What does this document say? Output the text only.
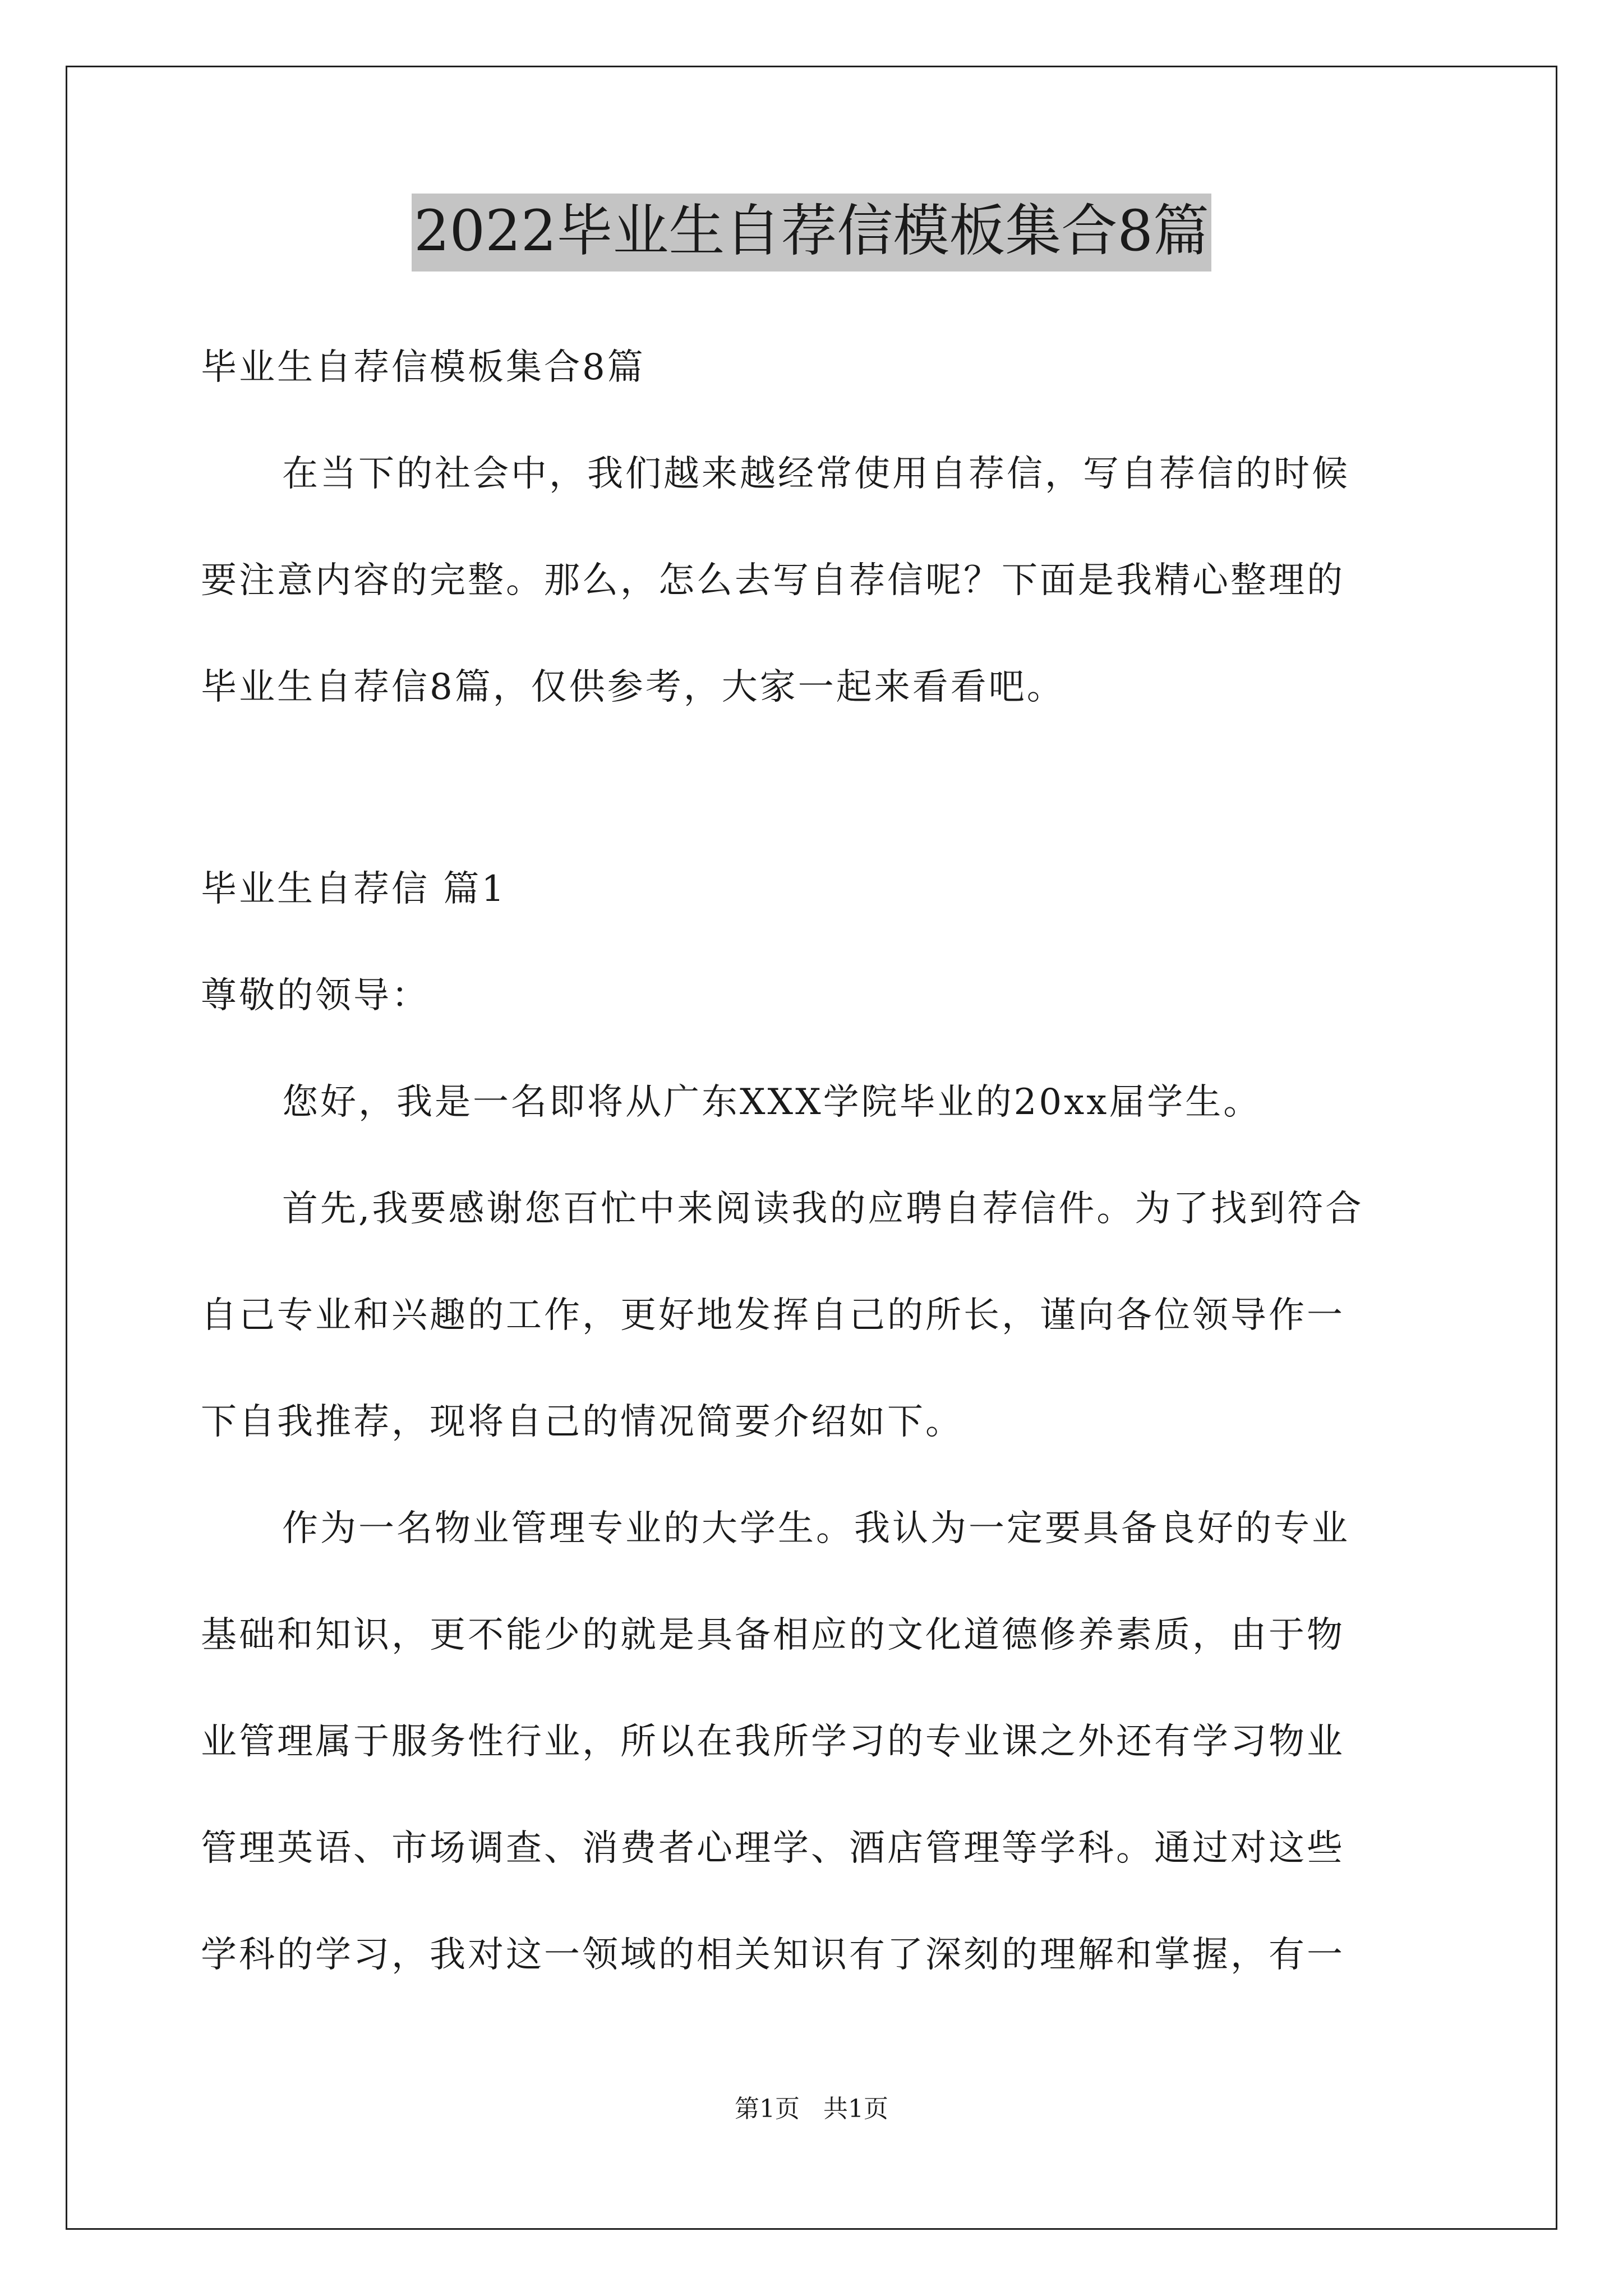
2022毕业生自荐信模板集合8篇

毕业生自荐信模板集合8篇

在当下的社会中，我们越来越经常使用自荐信，写自荐信的时候

要注意内容的完整。那么，怎么去写自荐信呢？下面是我精心整理的

毕业生自荐信8篇，仅供参考，大家一起来看看吧。

毕业生自荐信 篇1

尊敬的领导：

您好，我是一名即将从广东XXX学院毕业的20xx届学生。

首先,我要感谢您百忙中来阅读我的应聘自荐信件。为了找到符合

自己专业和兴趣的工作，更好地发挥自己的所长，谨向各位领导作一

下自我推荐，现将自己的情况简要介绍如下。

作为一名物业管理专业的大学生。我认为一定要具备良好的专业

基础和知识，更不能少的就是具备相应的文化道德修养素质，由于物

业管理属于服务性行业，所以在我所学习的专业课之外还有学习物业

管理英语、市场调查、消费者心理学、酒店管理等学科。通过对这些

学科的学习，我对这一领域的相关知识有了深刻的理解和掌握，有一

第1页   共1页
